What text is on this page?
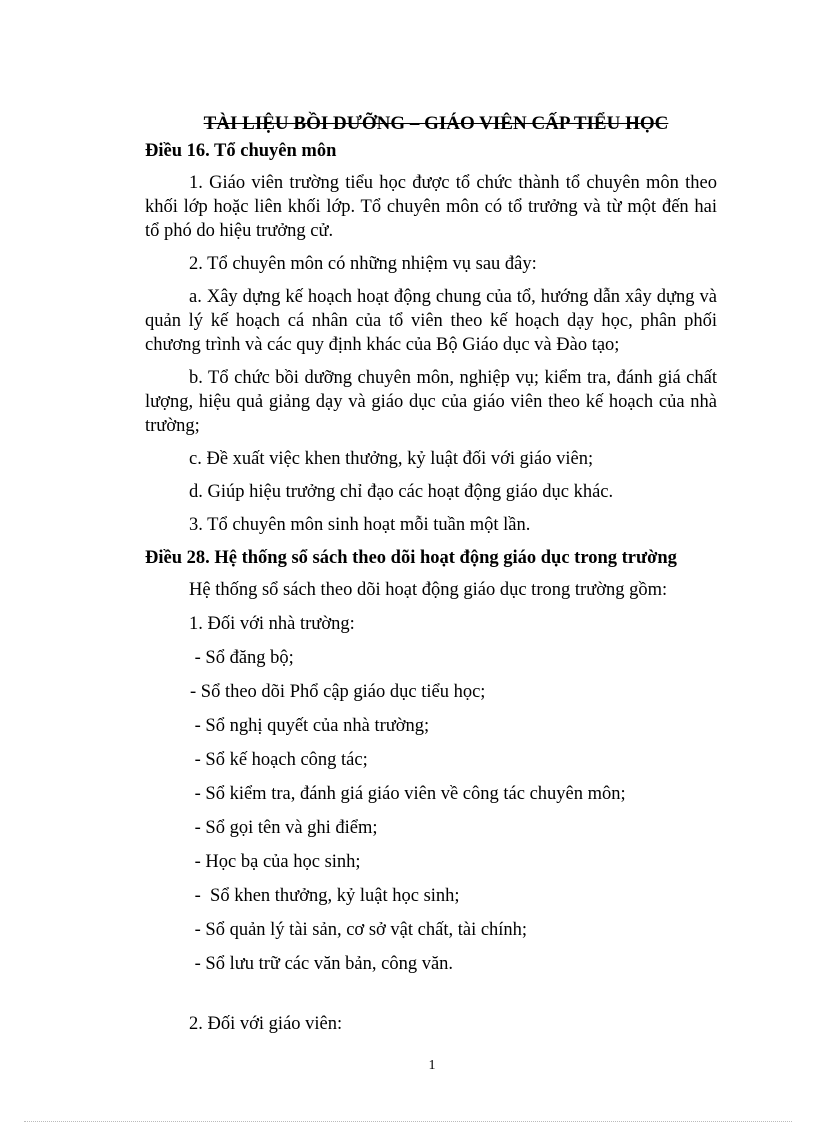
TÀI LIỆU BỒI DƯỠNG – GIÁO VIÊN CẤP TIỂU HỌC
Điều 16. Tổ chuyên môn
1. Giáo viên trường tiểu học được tổ chức thành tổ chuyên môn theo khối lớp hoặc liên khối lớp. Tổ chuyên môn có tổ trưởng và từ một đến hai tổ phó do hiệu trưởng cử.
2. Tổ chuyên môn có những nhiệm vụ sau đây:
a. Xây dựng kế hoạch hoạt động chung của tổ, hướng dẫn xây dựng và quản lý kế hoạch cá nhân của tổ viên theo kế hoạch dạy học, phân phối chương trình và các quy định khác của Bộ Giáo dục và Đào tạo;
b. Tổ chức bồi dưỡng chuyên môn, nghiệp vụ; kiểm tra, đánh giá chất lượng, hiệu quả giảng dạy và giáo dục của giáo viên theo kế hoạch của nhà trường;
c. Đề xuất việc khen thưởng, kỷ luật đối với giáo viên;
d. Giúp hiệu trưởng chỉ đạo các hoạt động giáo dục khác.
3. Tổ chuyên môn sinh hoạt mỗi tuần một lần.
Điều 28. Hệ thống sổ sách theo dõi hoạt động giáo dục trong trường
Hệ thống sổ sách theo dõi hoạt động giáo dục trong trường gồm:
1. Đối với nhà trường:
- Sổ đăng bộ;
- Sổ theo dõi Phổ cập giáo dục tiểu học;
- Sổ nghị quyết của nhà trường;
- Sổ kế hoạch công tác;
- Sổ kiểm tra, đánh giá giáo viên về công tác chuyên môn;
- Sổ gọi tên và ghi điểm;
- Học bạ của học sinh;
-  Sổ khen thưởng, kỷ luật học sinh;
- Sổ quản lý tài sản, cơ sở vật chất, tài chính;
- Sổ lưu trữ các văn bản, công văn.
2. Đối với giáo viên:
1
